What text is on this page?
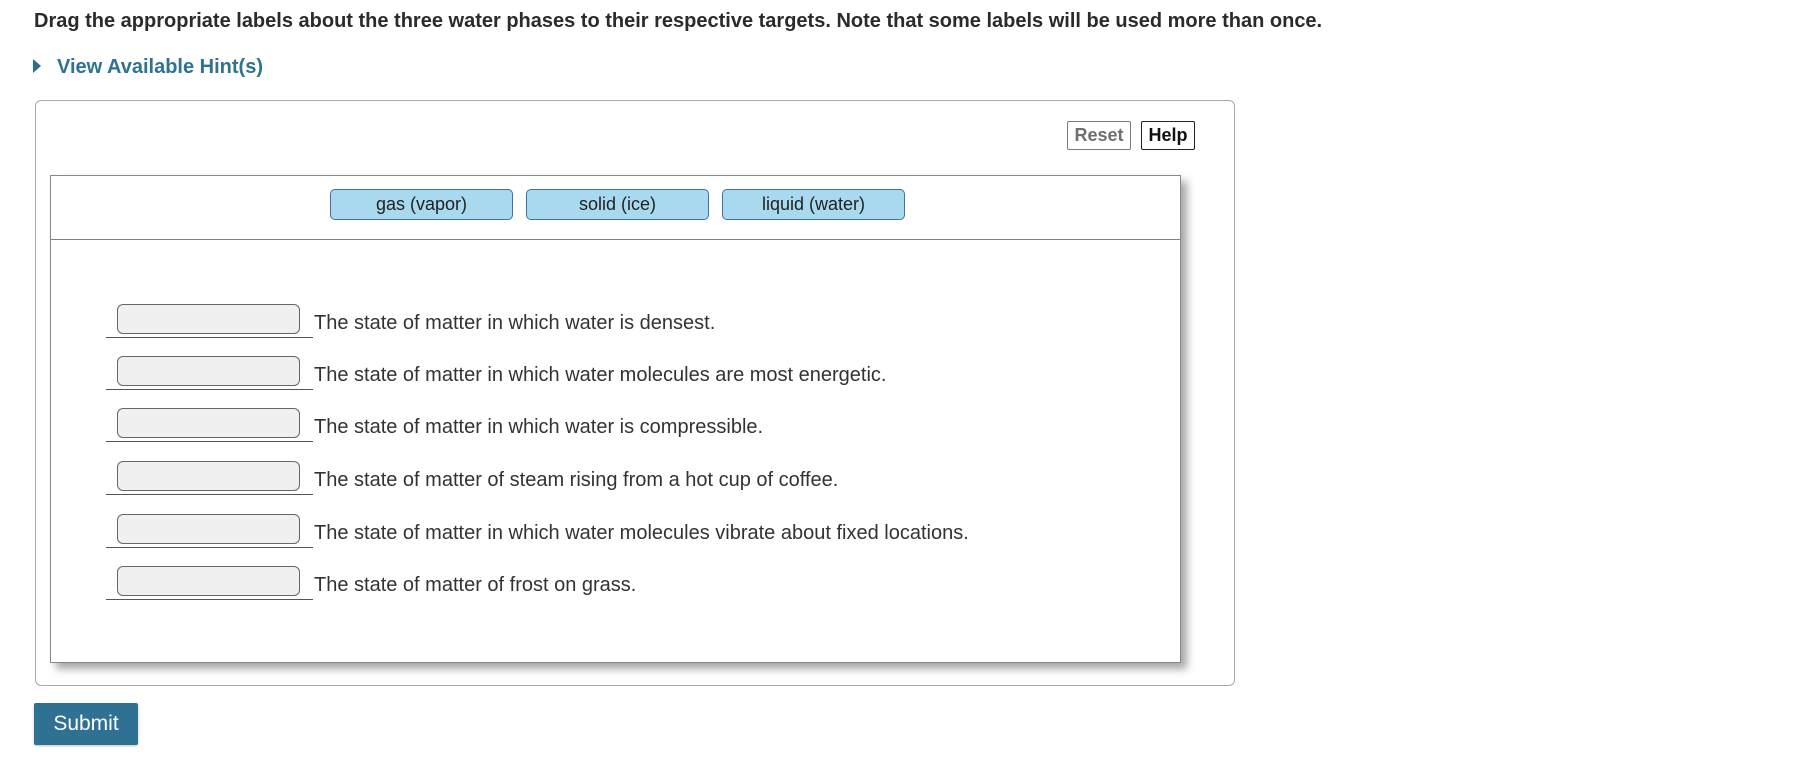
Drag the appropriate labels about the three water phases to their respective targets. Note that some labels will be used more than once.
View Available Hint(s)
Reset	Help
gas (vapor)	solid (ice)	liquid (water)
The state of matter in which water is densest.
The state of matter in which water molecules are most energetic.
The state of matter in which water is compressible.
The state of matter of steam rising from a hot cup of coffee.
The state of matter in which water molecules vibrate about fixed locations.
The state of matter of frost on grass.
Submit
